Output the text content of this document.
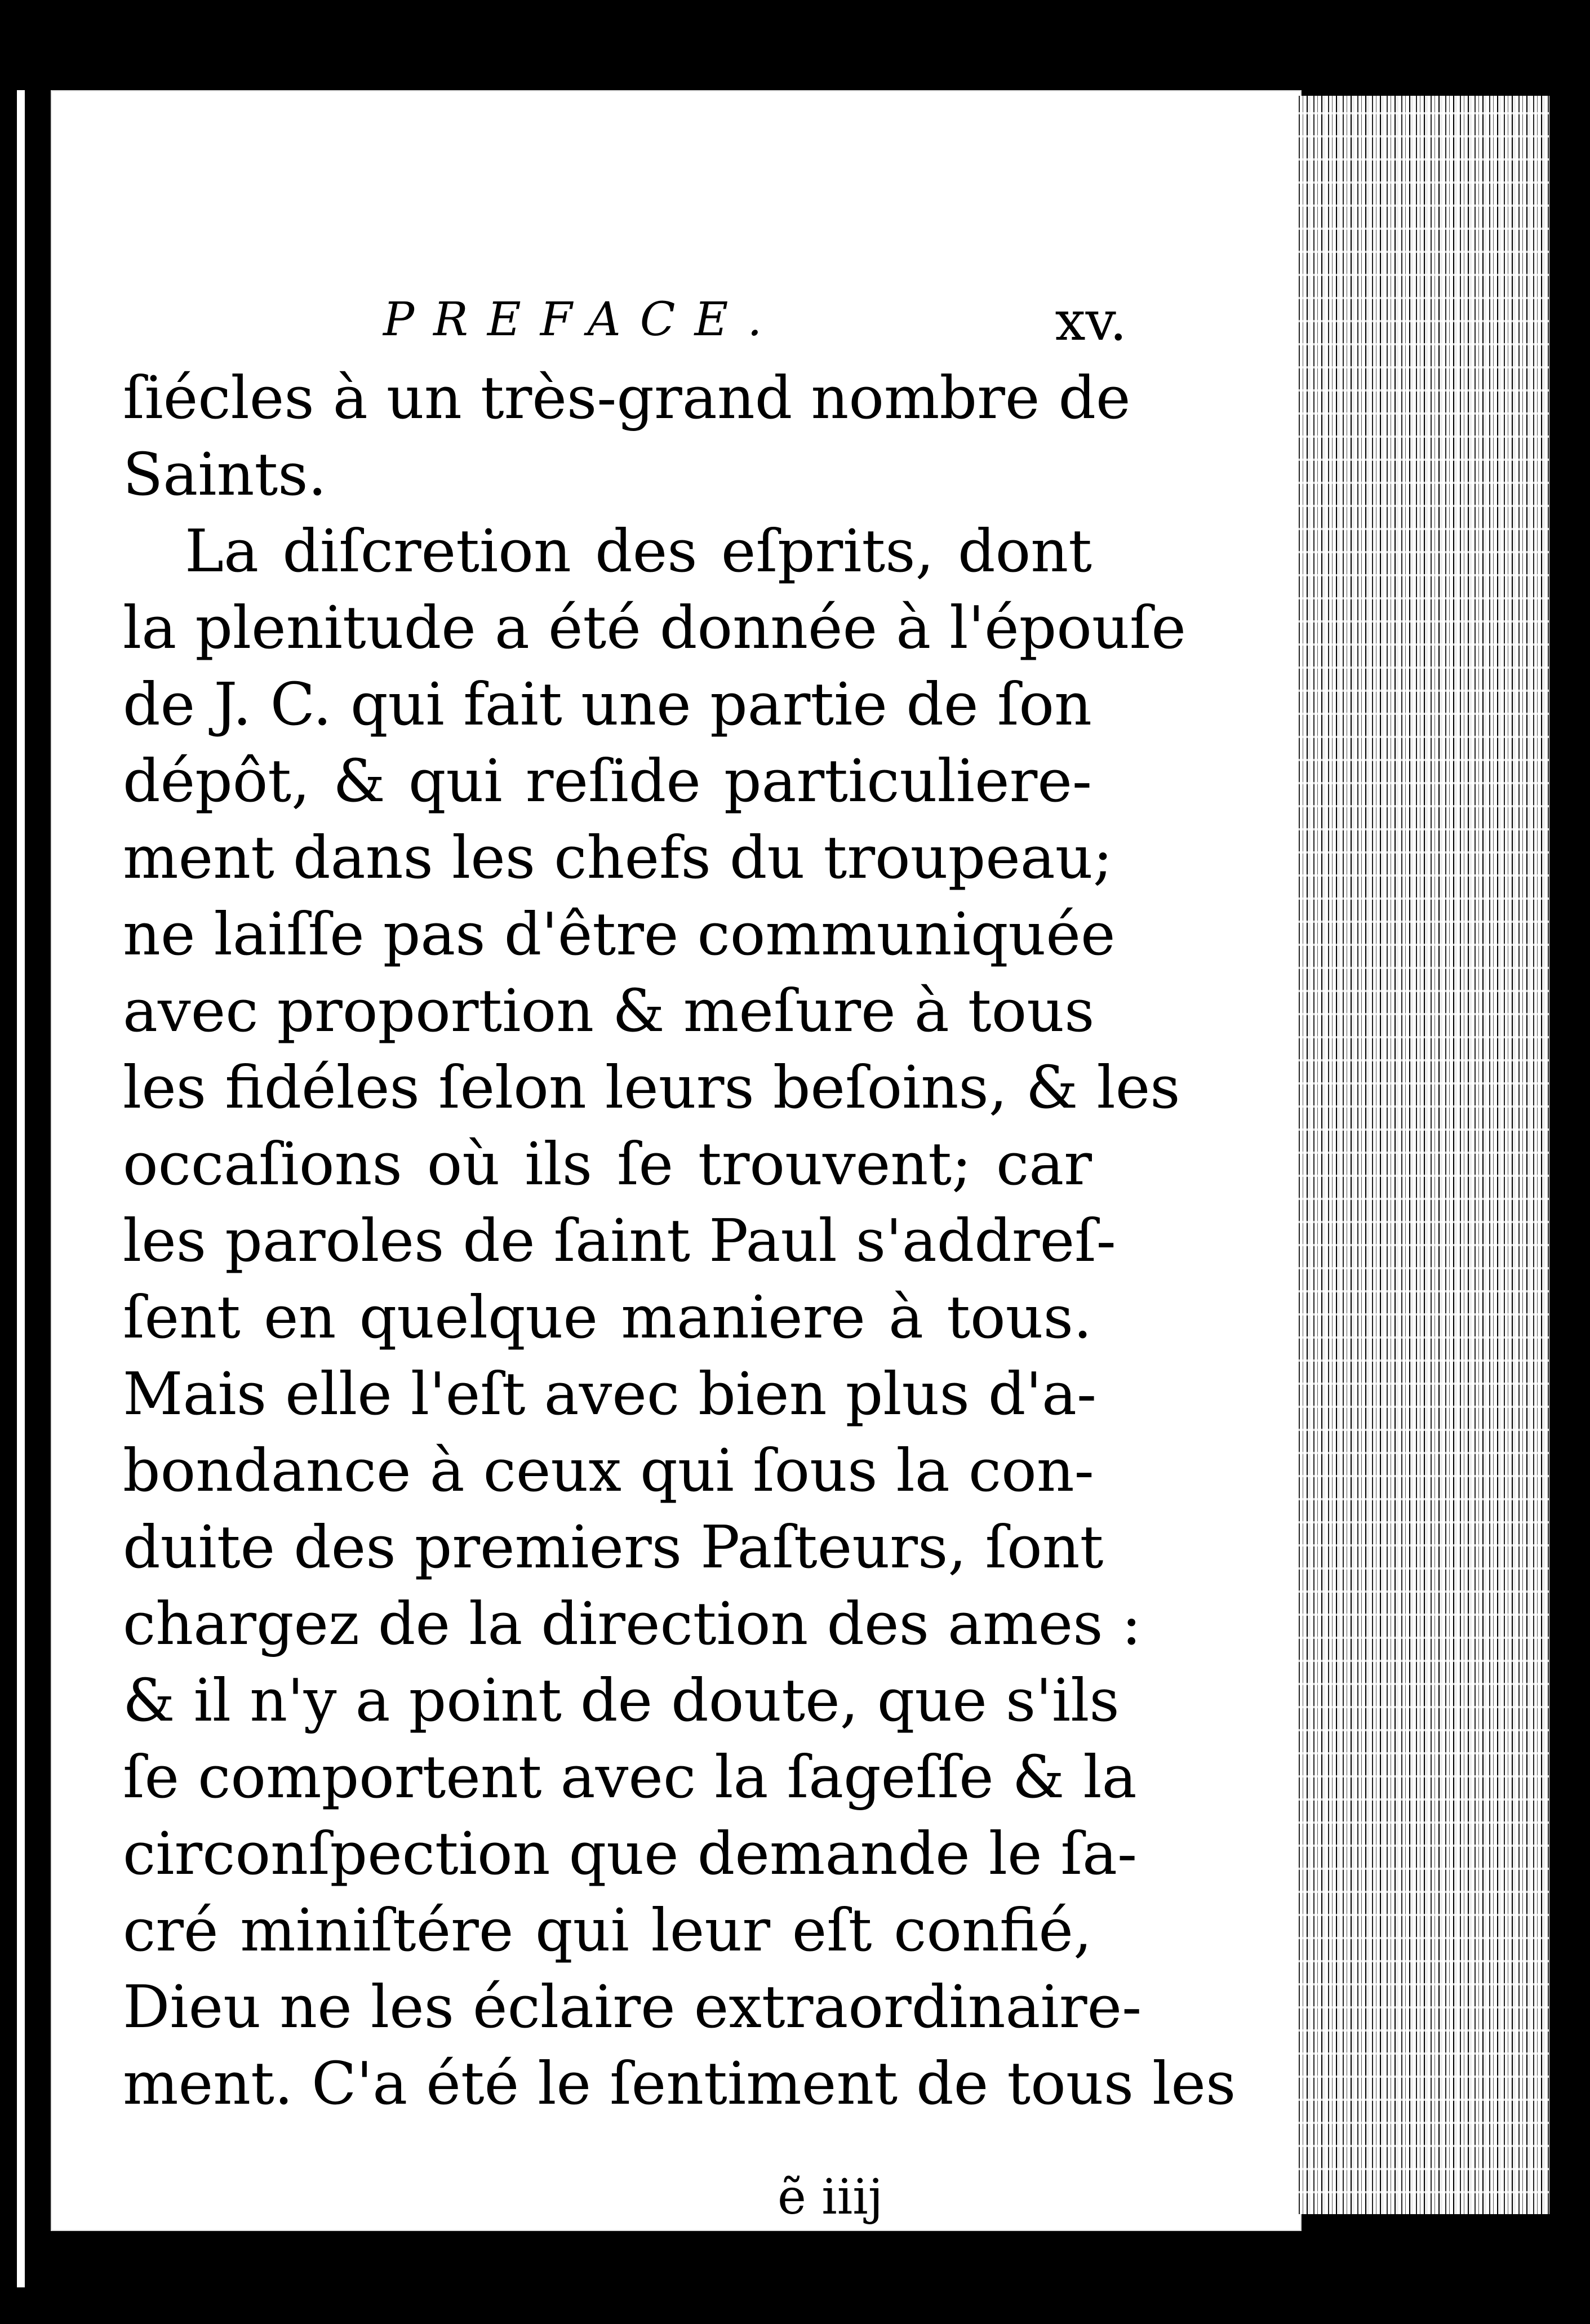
PREFACE.	xv.
ſiécles à un très-grand nombre de
Saints.
La diſcretion des eſprits, dont
la plenitude a été donnée à l'épouſe
de J. C. qui fait une partie de ſon
dépôt, & qui reſide particuliere-
ment dans les chefs du troupeau;
ne laiſſe pas d'être communiquée
avec proportion & meſure à tous
les fidéles ſelon leurs beſoins, & les
occaſions où ils ſe trouvent; car
les paroles de ſaint Paul s'addreſ-
ſent en quelque maniere à tous.
Mais elle l'eſt avec bien plus d'a-
bondance à ceux qui ſous la con-
duite des premiers Paſteurs, ſont
chargez de la direction des ames :
& il n'y a point de doute, que s'ils
ſe comportent avec la ſageſſe & la
circonſpection que demande le ſa-
cré miniſtére qui leur eſt confié,
Dieu ne les éclaire extraordinaire-
ment. C'a été le ſentiment de tous les
ẽ iiij
